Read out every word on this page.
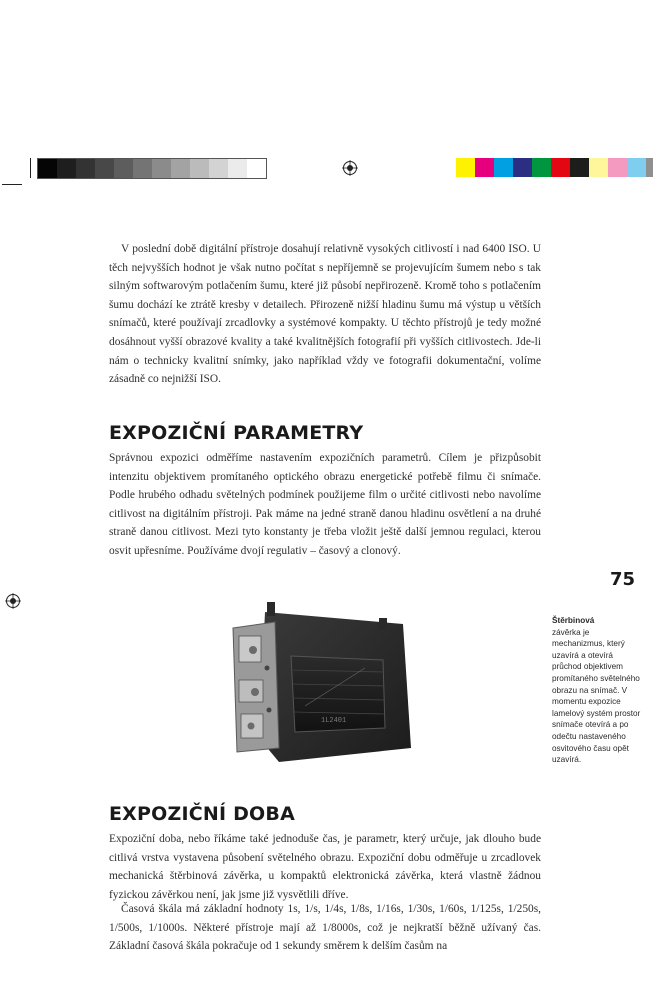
V poslední době digitální přístroje dosahují relativně vysokých citlivostí i nad 6400 ISO. U těch nejvyšších hodnot je však nutno počítat s nepříjemně se projevujícím šumem nebo s tak silným softwarovým potlačením šumu, které již působí nepřirozeně. Kromě toho s potlačením šumu dochází ke ztrátě kresby v detailech. Přirozeně nižší hladinu šumu má výstup u větších snímačů, které používají zrcadlovky a systémové kompakty. U těchto přístrojů je tedy možné dosáhnout vyšší obrazové kvality a také kvalitnějších fotografií při vyšších citlivostech. Jde-li nám o technicky kvalitní snímky, jako například vždy ve fotografii dokumentační, volíme zásadně co nejnižší ISO.

EXPOZIČNÍ PARAMETRY

Správnou expozici odměříme nastavením expozičních parametrů. Cílem je přizpůsobit intenzitu objektivem promítaného optického obrazu energetické potřebě filmu či snímače. Podle hrubého odhadu světelných podmínek použijeme film o určité citlivosti nebo navolíme citlivost na digitálním přístroji. Pak máme na jedné straně danou hladinu osvětlení a na druhé straně danou citlivost. Mezi tyto konstanty je třeba vložit ještě další jemnou regulaci, kterou osvit upřesníme. Používáme dvojí regulativ – časový a clonový.

75
1L2401
Štěrbinová
závěrka je mechanizmus, který uzavírá a otevírá průchod objektivem promítaného světelného obrazu na snímač. V momentu expozice lamelový systém prostor snímače otevírá a po odečtu nastaveného osvitového času opět uzavírá.
EXPOZIČNÍ DOBA

Expoziční doba, nebo říkáme také jednoduše čas, je parametr, který určuje, jak dlouho bude citlivá vrstva vystavena působení světelného obrazu. Expoziční dobu odměřuje u zrcadlovek mechanická štěrbinová závěrka, u kompaktů elektronická závěrka, která vlastně žádnou fyzickou závěrkou není, jak jsme již vysvětlili dříve.

Časová škála má základní hodnoty 1s, 1/s, 1/4s, 1/8s, 1/16s, 1/30s, 1/60s, 1/125s, 1/250s, 1/500s, 1/1000s. Některé přístroje mají až 1/8000s, což je nejkratší běžně užívaný čas. Základní časová škála pokračuje od 1 sekundy směrem k delším časům na
